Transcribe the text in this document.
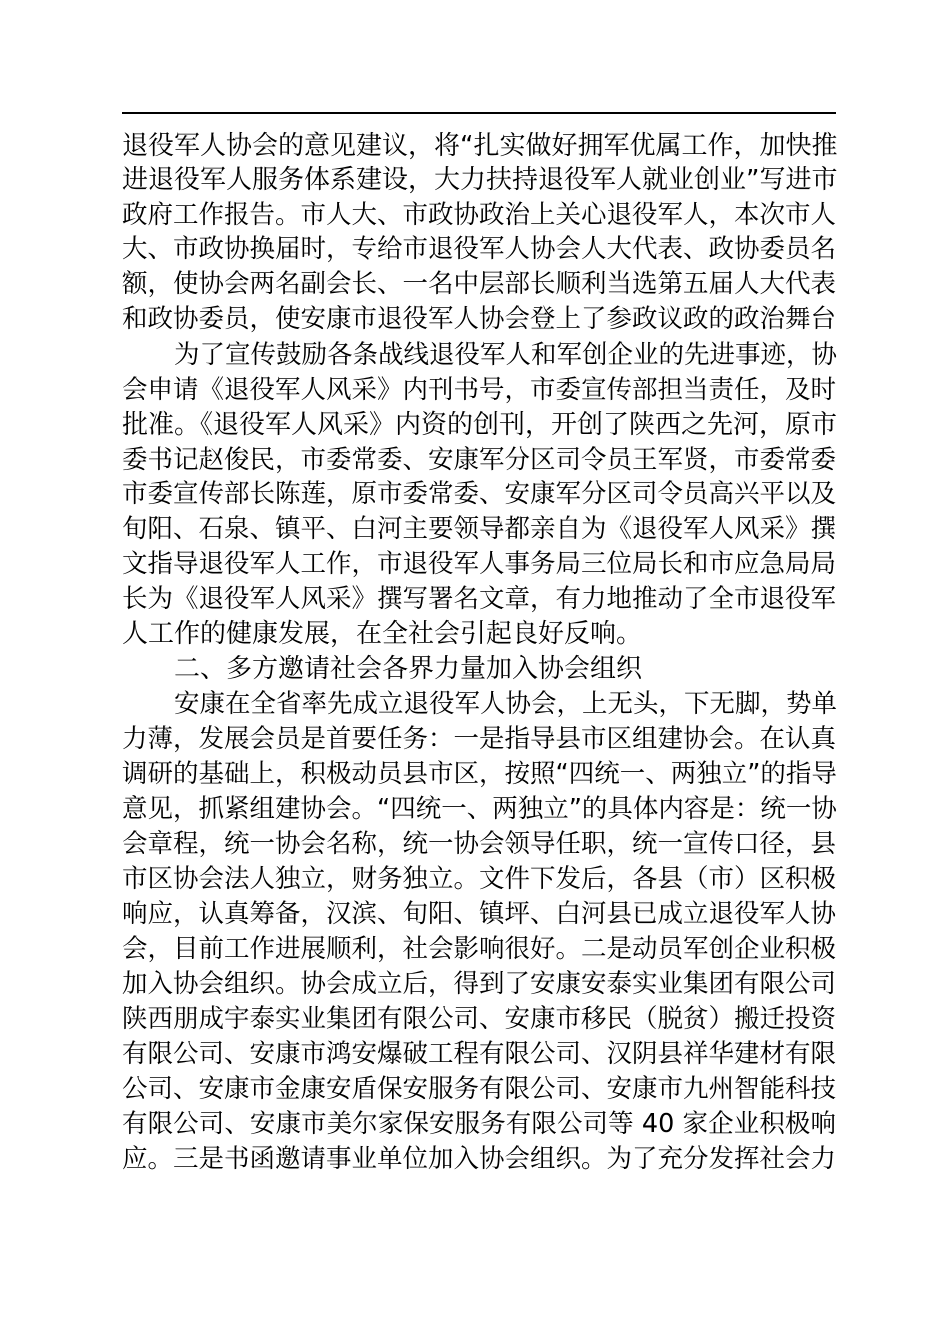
退役军人协会的意见建议，将“扎实做好拥军优属工作，加快推
进退役军人服务体系建设，大力扶持退役军人就业创业”写进市
政府工作报告。市人大、市政协政治上关心退役军人，本次市人
大、市政协换届时，专给市退役军人协会人大代表、政协委员名
额，使协会两名副会长、一名中层部长顺利当选第五届人大代表
和政协委员，使安康市退役军人协会登上了参政议政的政治舞台
为了宣传鼓励各条战线退役军人和军创企业的先进事迹，协
会申请《退役军人风采》内刊书号，市委宣传部担当责任，及时
批准。《退役军人风采》内资的创刊，开创了陕西之先河，原市
委书记赵俊民，市委常委、安康军分区司令员王军贤，市委常委
市委宣传部长陈莲，原市委常委、安康军分区司令员高兴平以及
旬阳、石泉、镇平、白河主要领导都亲自为《退役军人风采》撰
文指导退役军人工作，市退役军人事务局三位局长和市应急局局
长为《退役军人风采》撰写署名文章，有力地推动了全市退役军
人工作的健康发展，在全社会引起良好反响。
二、多方邀请社会各界力量加入协会组织
安康在全省率先成立退役军人协会，上无头，下无脚，势单
力薄，发展会员是首要任务：一是指导县市区组建协会。在认真
调研的基础上，积极动员县市区，按照“四统一、两独立”的指导
意见，抓紧组建协会。“四统一、两独立”的具体内容是：统一协
会章程，统一协会名称，统一协会领导任职，统一宣传口径，县
市区协会法人独立，财务独立。文件下发后，各县（市）区积极
响应，认真筹备，汉滨、旬阳、镇坪、白河县已成立退役军人协
会，目前工作进展顺利，社会影响很好。二是动员军创企业积极
加入协会组织。协会成立后，得到了安康安泰实业集团有限公司
陕西朋成宇泰实业集团有限公司、安康市移民（脱贫）搬迁投资
有限公司、安康市鸿安爆破工程有限公司、汉阴县祥华建材有限
公司、安康市金康安盾保安服务有限公司、安康市九州智能科技
有限公司、安康市美尔家保安服务有限公司等 40 家企业积极响
应。三是书函邀请事业单位加入协会组织。为了充分发挥社会力
